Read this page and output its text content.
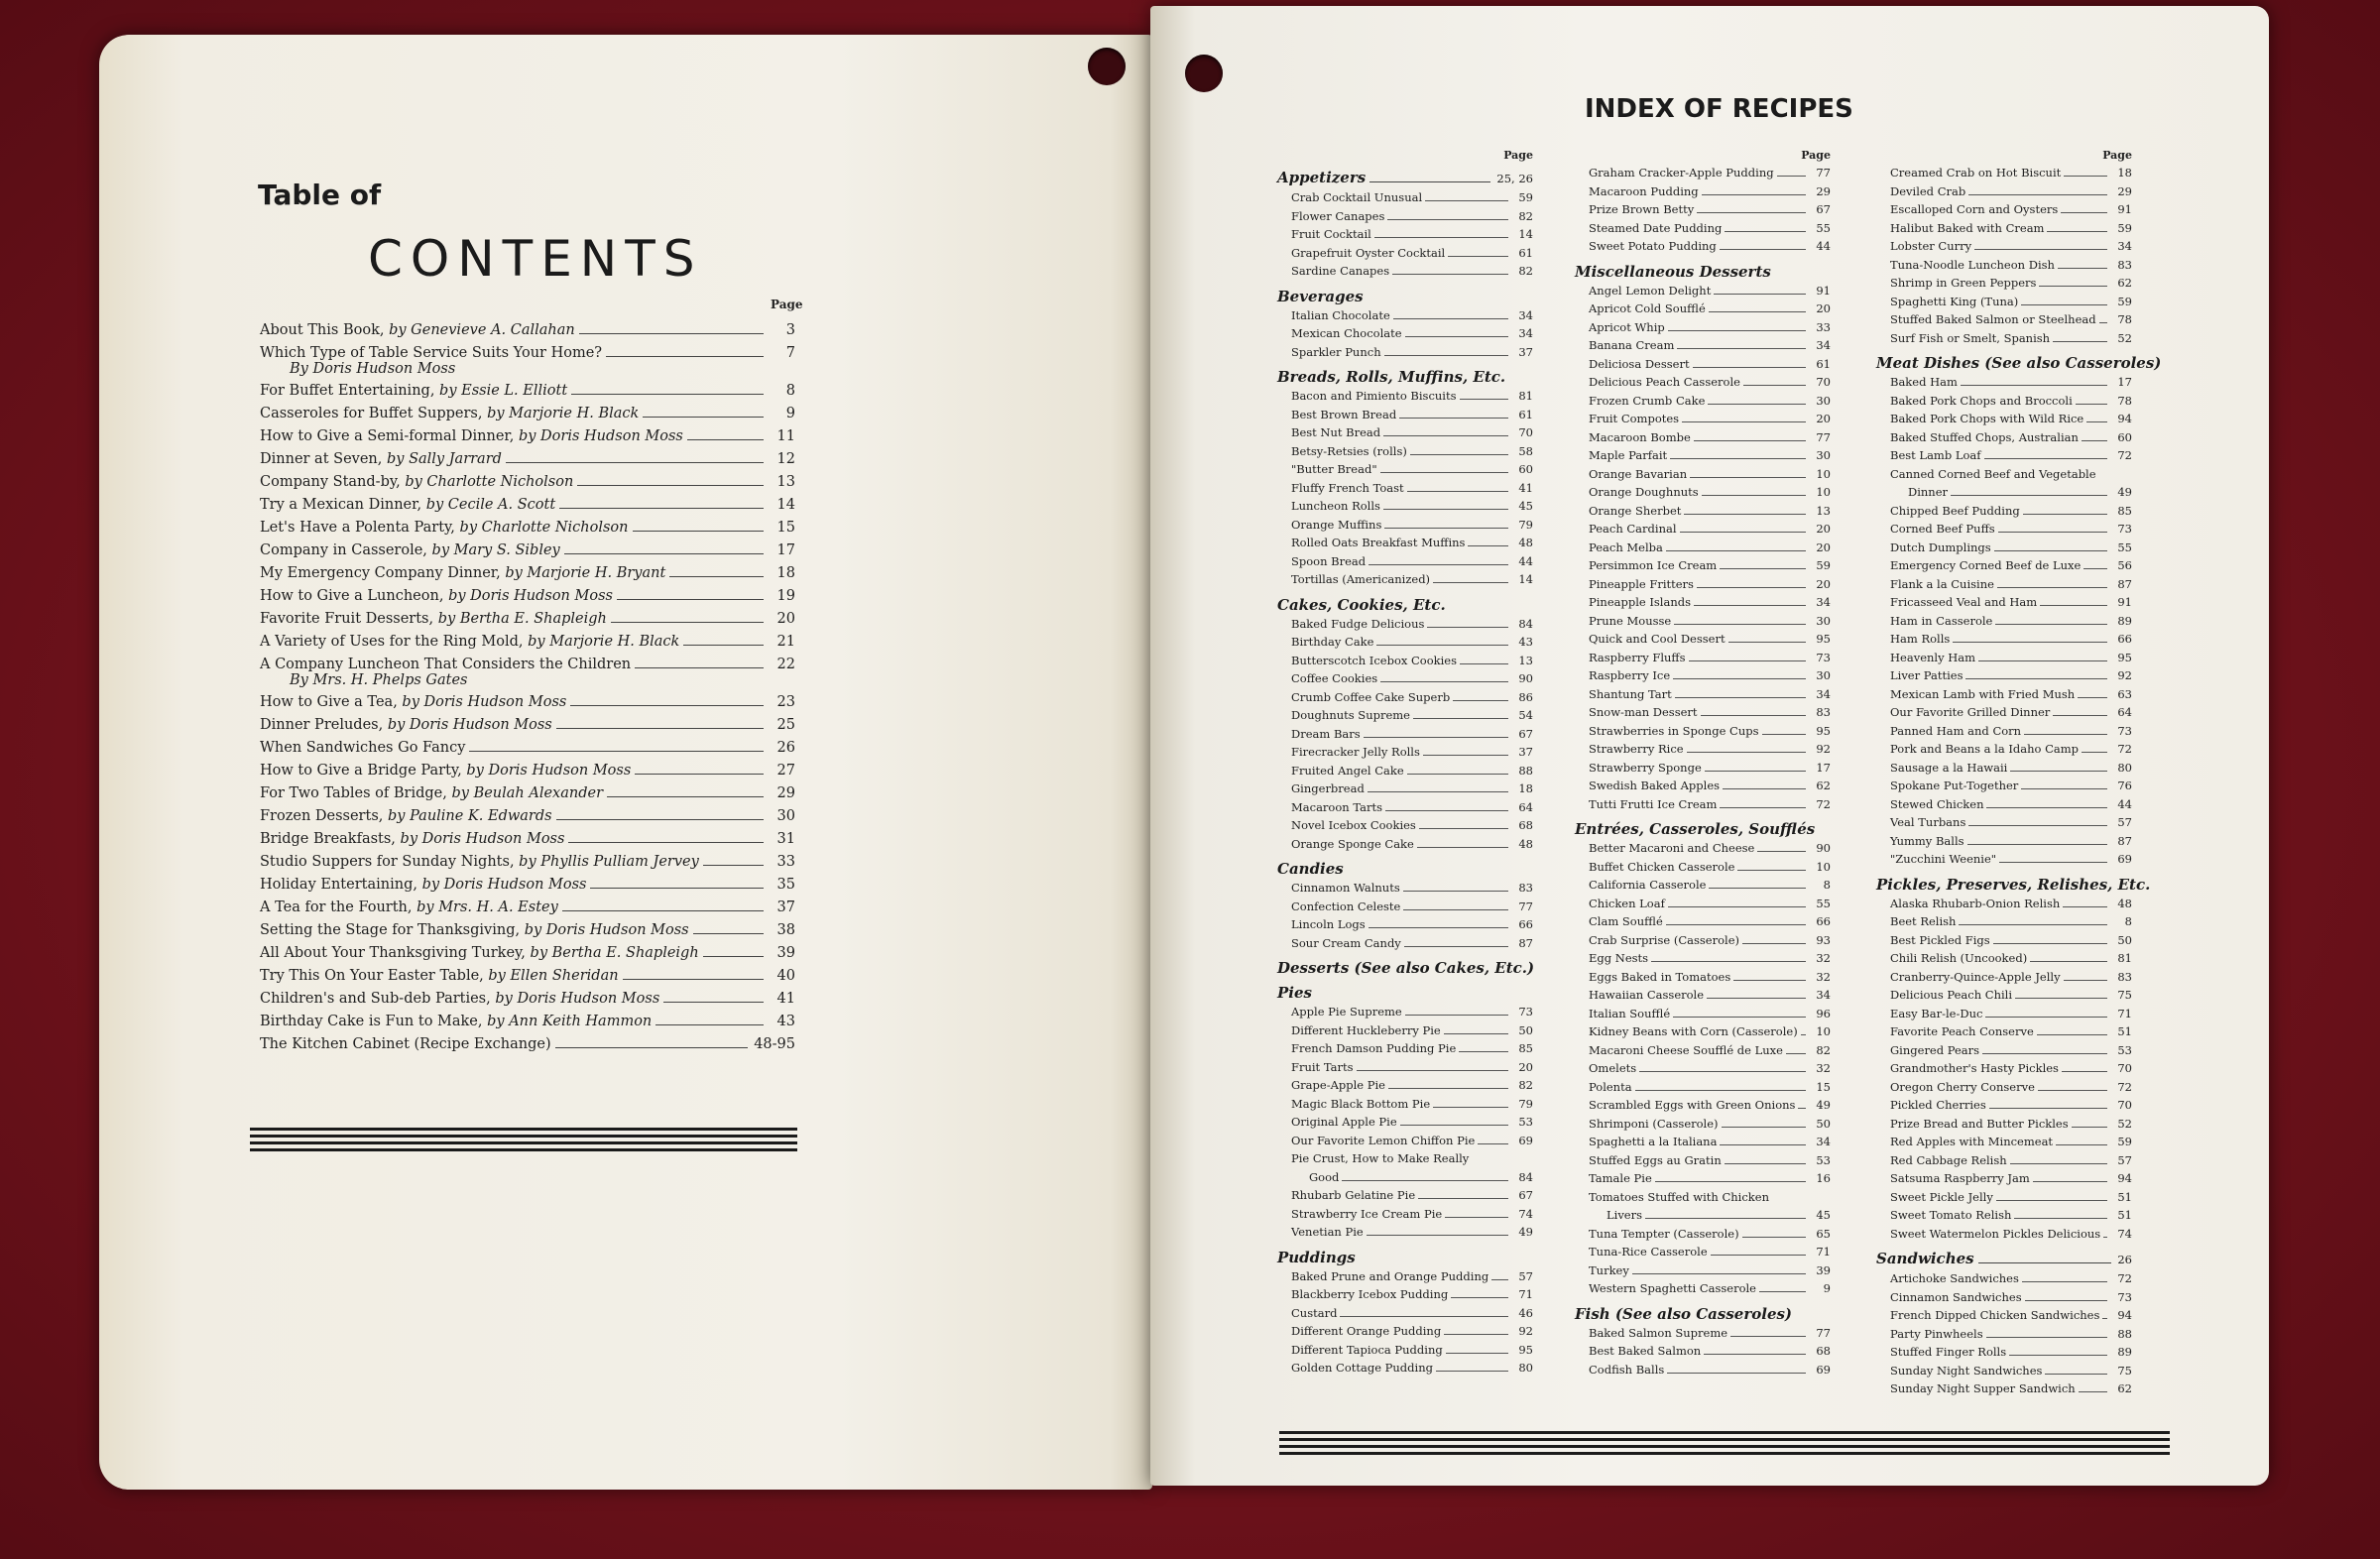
Table of
CONTENTS
Page
About This Book, by Genevieve A. Callahan	3
Which Type of Table Service Suits Your Home?	7
By Doris Hudson Moss
For Buffet Entertaining, by Essie L. Elliott	8
Casseroles for Buffet Suppers, by Marjorie H. Black	9
How to Give a Semi-formal Dinner, by Doris Hudson Moss	11
Dinner at Seven, by Sally Jarrard	12
Company Stand-by, by Charlotte Nicholson	13
Try a Mexican Dinner, by Cecile A. Scott	14
Let's Have a Polenta Party, by Charlotte Nicholson	15
Company in Casserole, by Mary S. Sibley	17
My Emergency Company Dinner, by Marjorie H. Bryant	18
How to Give a Luncheon, by Doris Hudson Moss	19
Favorite Fruit Desserts, by Bertha E. Shapleigh	20
A Variety of Uses for the Ring Mold, by Marjorie H. Black	21
A Company Luncheon That Considers the Children	22
By Mrs. H. Phelps Gates
How to Give a Tea, by Doris Hudson Moss	23
Dinner Preludes, by Doris Hudson Moss	25
When Sandwiches Go Fancy	26
How to Give a Bridge Party, by Doris Hudson Moss	27
For Two Tables of Bridge, by Beulah Alexander	29
Frozen Desserts, by Pauline K. Edwards	30
Bridge Breakfasts, by Doris Hudson Moss	31
Studio Suppers for Sunday Nights, by Phyllis Pulliam Jervey	33
Holiday Entertaining, by Doris Hudson Moss	35
A Tea for the Fourth, by Mrs. H. A. Estey	37
Setting the Stage for Thanksgiving, by Doris Hudson Moss	38
All About Your Thanksgiving Turkey, by Bertha E. Shapleigh	39
Try This On Your Easter Table, by Ellen Sheridan	40
Children's and Sub-deb Parties, by Doris Hudson Moss	41
Birthday Cake is Fun to Make, by Ann Keith Hammon	43
The Kitchen Cabinet (Recipe Exchange)	48-95
INDEX OF RECIPES
Page
Appetizers	25, 26
Crab Cocktail Unusual	59
Flower Canapes	82
Fruit Cocktail	14
Grapefruit Oyster Cocktail	61
Sardine Canapes	82
Beverages
Italian Chocolate	34
Mexican Chocolate	34
Sparkler Punch	37
Breads, Rolls, Muffins, Etc.
Bacon and Pimiento Biscuits	81
Best Brown Bread	61
Best Nut Bread	70
Betsy-Retsies (rolls)	58
"Butter Bread"	60
Fluffy French Toast	41
Luncheon Rolls	45
Orange Muffins	79
Rolled Oats Breakfast Muffins	48
Spoon Bread	44
Tortillas (Americanized)	14
Cakes, Cookies, Etc.
Baked Fudge Delicious	84
Birthday Cake	43
Butterscotch Icebox Cookies	13
Coffee Cookies	90
Crumb Coffee Cake Superb	86
Doughnuts Supreme	54
Dream Bars	67
Firecracker Jelly Rolls	37
Fruited Angel Cake	88
Gingerbread	18
Macaroon Tarts	64
Novel Icebox Cookies	68
Orange Sponge Cake	48
Candies
Cinnamon Walnuts	83
Confection Celeste	77
Lincoln Logs	66
Sour Cream Candy	87
Desserts (See also Cakes, Etc.)
Pies
Apple Pie Supreme	73
Different Huckleberry Pie	50
French Damson Pudding Pie	85
Fruit Tarts	20
Grape-Apple Pie	82
Magic Black Bottom Pie	79
Original Apple Pie	53
Our Favorite Lemon Chiffon Pie	69
Pie Crust, How to Make Really
Good	84
Rhubarb Gelatine Pie	67
Strawberry Ice Cream Pie	74
Venetian Pie	49
Puddings
Baked Prune and Orange Pudding	57
Blackberry Icebox Pudding	71
Custard	46
Different Orange Pudding	92
Different Tapioca Pudding	95
Golden Cottage Pudding	80
Page
Graham Cracker-Apple Pudding	77
Macaroon Pudding	29
Prize Brown Betty	67
Steamed Date Pudding	55
Sweet Potato Pudding	44
Miscellaneous Desserts
Angel Lemon Delight	91
Apricot Cold Soufflé	20
Apricot Whip	33
Banana Cream	34
Deliciosa Dessert	61
Delicious Peach Casserole	70
Frozen Crumb Cake	30
Fruit Compotes	20
Macaroon Bombe	77
Maple Parfait	30
Orange Bavarian	10
Orange Doughnuts	10
Orange Sherbet	13
Peach Cardinal	20
Peach Melba	20
Persimmon Ice Cream	59
Pineapple Fritters	20
Pineapple Islands	34
Prune Mousse	30
Quick and Cool Dessert	95
Raspberry Fluffs	73
Raspberry Ice	30
Shantung Tart	34
Snow-man Dessert	83
Strawberries in Sponge Cups	95
Strawberry Rice	92
Strawberry Sponge	17
Swedish Baked Apples	62
Tutti Frutti Ice Cream	72
Entrées, Casseroles, Soufflés
Better Macaroni and Cheese	90
Buffet Chicken Casserole	10
California Casserole	8
Chicken Loaf	55
Clam Soufflé	66
Crab Surprise (Casserole)	93
Egg Nests	32
Eggs Baked in Tomatoes	32
Hawaiian Casserole	34
Italian Soufflé	96
Kidney Beans with Corn (Casserole)	10
Macaroni Cheese Soufflé de Luxe	82
Omelets	32
Polenta	15
Scrambled Eggs with Green Onions	49
Shrimponi (Casserole)	50
Spaghetti a la Italiana	34
Stuffed Eggs au Gratin	53
Tamale Pie	16
Tomatoes Stuffed with Chicken
Livers	45
Tuna Tempter (Casserole)	65
Tuna-Rice Casserole	71
Turkey	39
Western Spaghetti Casserole	9
Fish (See also Casseroles)
Baked Salmon Supreme	77
Best Baked Salmon	68
Codfish Balls	69
Page
Creamed Crab on Hot Biscuit	18
Deviled Crab	29
Escalloped Corn and Oysters	91
Halibut Baked with Cream	59
Lobster Curry	34
Tuna-Noodle Luncheon Dish	83
Shrimp in Green Peppers	62
Spaghetti King (Tuna)	59
Stuffed Baked Salmon or Steelhead	78
Surf Fish or Smelt, Spanish	52
Meat Dishes (See also Casseroles)
Baked Ham	17
Baked Pork Chops and Broccoli	78
Baked Pork Chops with Wild Rice	94
Baked Stuffed Chops, Australian	60
Best Lamb Loaf	72
Canned Corned Beef and Vegetable
Dinner	49
Chipped Beef Pudding	85
Corned Beef Puffs	73
Dutch Dumplings	55
Emergency Corned Beef de Luxe	56
Flank a la Cuisine	87
Fricasseed Veal and Ham	91
Ham in Casserole	89
Ham Rolls	66
Heavenly Ham	95
Liver Patties	92
Mexican Lamb with Fried Mush	63
Our Favorite Grilled Dinner	64
Panned Ham and Corn	73
Pork and Beans a la Idaho Camp	72
Sausage a la Hawaii	80
Spokane Put-Together	76
Stewed Chicken	44
Veal Turbans	57
Yummy Balls	87
"Zucchini Weenie"	69
Pickles, Preserves, Relishes, Etc.
Alaska Rhubarb-Onion Relish	48
Beet Relish	8
Best Pickled Figs	50
Chili Relish (Uncooked)	81
Cranberry-Quince-Apple Jelly	83
Delicious Peach Chili	75
Easy Bar-le-Duc	71
Favorite Peach Conserve	51
Gingered Pears	53
Grandmother's Hasty Pickles	70
Oregon Cherry Conserve	72
Pickled Cherries	70
Prize Bread and Butter Pickles	52
Red Apples with Mincemeat	59
Red Cabbage Relish	57
Satsuma Raspberry Jam	94
Sweet Pickle Jelly	51
Sweet Tomato Relish	51
Sweet Watermelon Pickles Delicious	74
Sandwiches	26
Artichoke Sandwiches	72
Cinnamon Sandwiches	73
French Dipped Chicken Sandwiches	94
Party Pinwheels	88
Stuffed Finger Rolls	89
Sunday Night Sandwiches	75
Sunday Night Supper Sandwich	62
